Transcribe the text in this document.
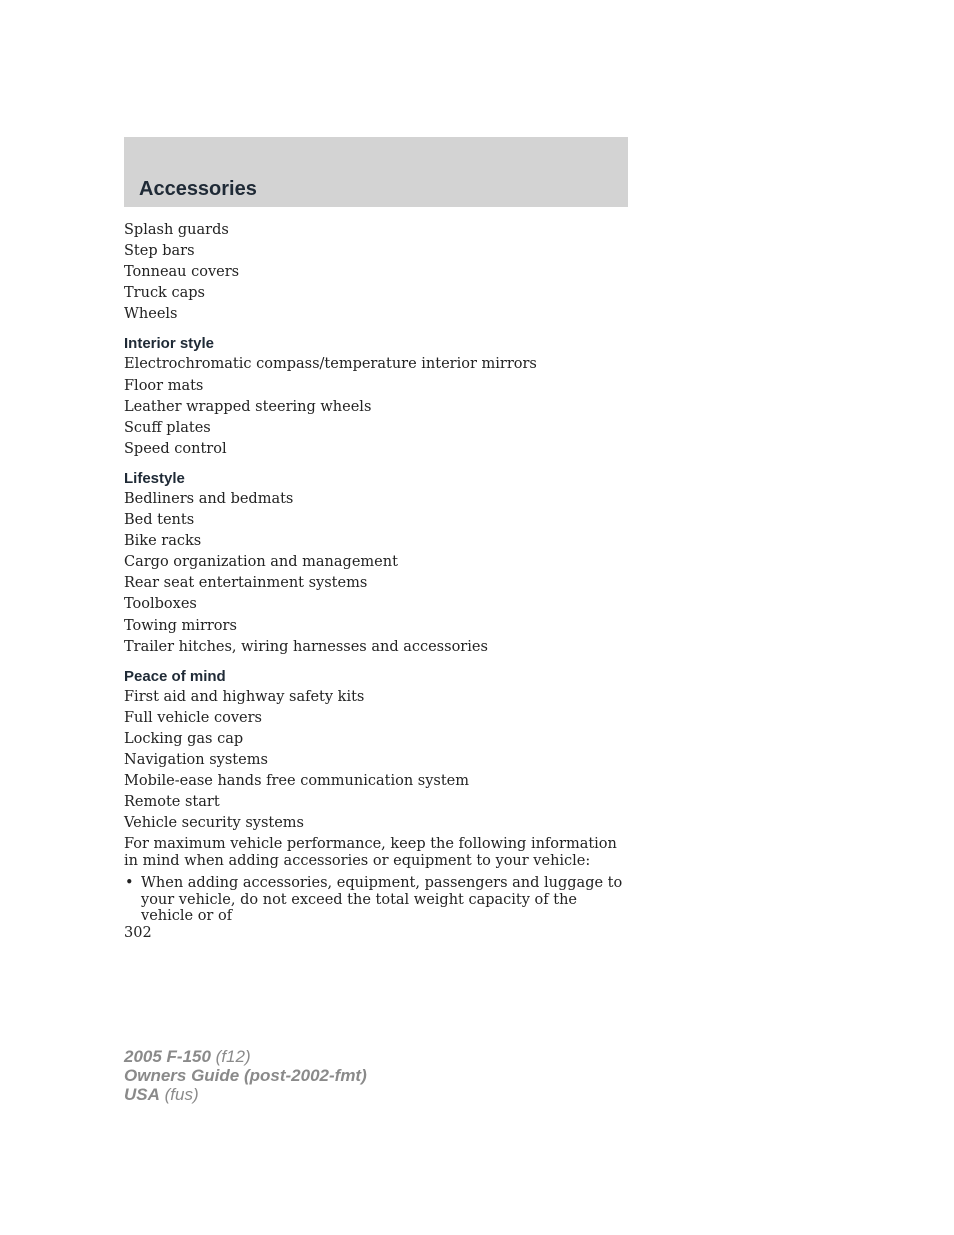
Accessories
Splash guards
Step bars
Tonneau covers
Truck caps
Wheels
Interior style
Electrochromatic compass/temperature interior mirrors
Floor mats
Leather wrapped steering wheels
Scuff plates
Speed control
Lifestyle
Bedliners and bedmats
Bed tents
Bike racks
Cargo organization and management
Rear seat entertainment systems
Toolboxes
Towing mirrors
Trailer hitches, wiring harnesses and accessories
Peace of mind
First aid and highway safety kits
Full vehicle covers
Locking gas cap
Navigation systems
Mobile-ease hands free communication system
Remote start
Vehicle security systems
For maximum vehicle performance, keep the following information in mind when adding accessories or equipment to your vehicle:
• When adding accessories, equipment, passengers and luggage to your vehicle, do not exceed the total weight capacity of the vehicle or of
302
2005 F-150 (f12)
Owners Guide (post-2002-fmt)
USA (fus)
